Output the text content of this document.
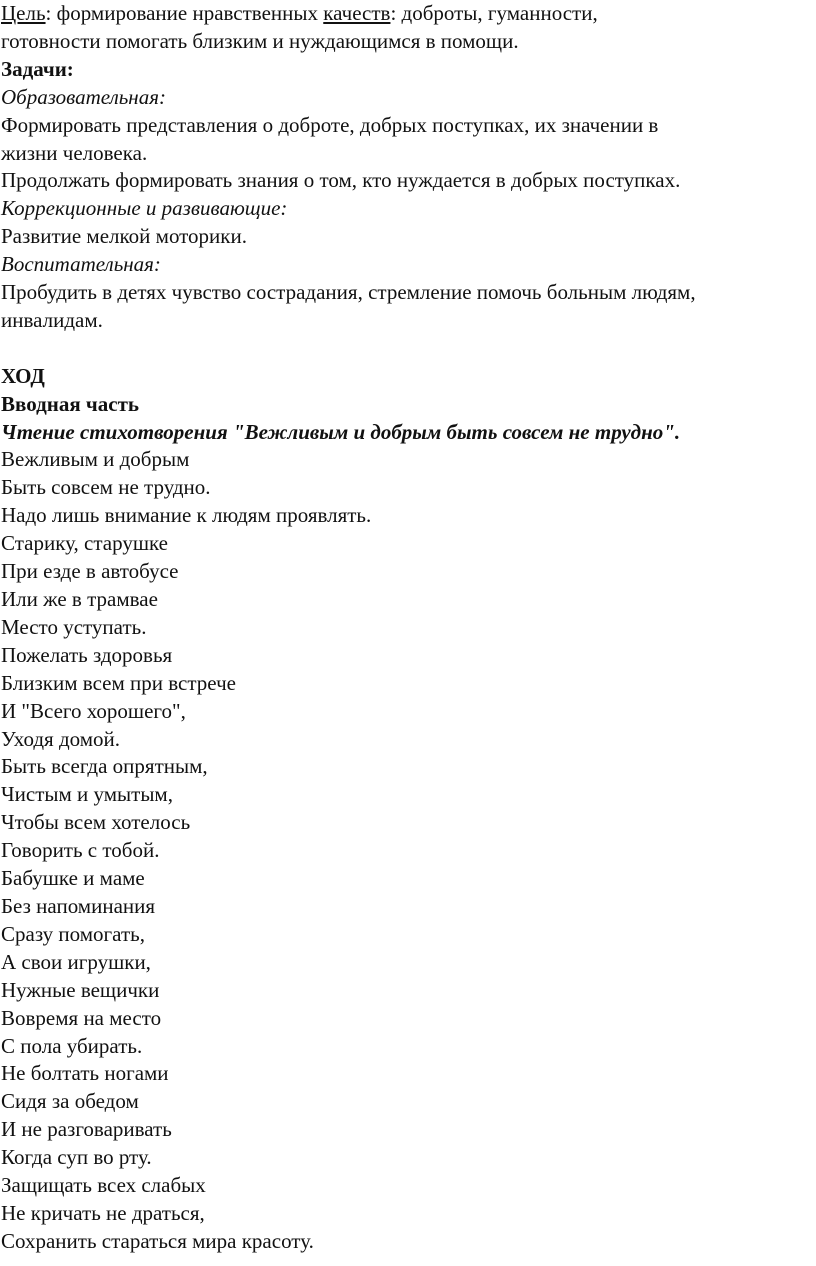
Цель: формирование нравственных качеств: доброты, гуманности,
готовности помогать близким и нуждающимся в помощи.
Задачи:
Образовательная:
Формировать представления о доброте, добрых поступках, их значении в
жизни человека.
Продолжать формировать знания о том, кто нуждается в добрых поступках.
Коррекционные и развивающие:
Развитие мелкой моторики.
Воспитательная:
Пробудить в детях чувство сострадания, стремление помочь больным людям,
инвалидам.
ХОД
Вводная часть
Чтение стихотворения "Вежливым и добрым быть совсем не трудно".
Вежливым и добрым
Быть совсем не трудно.
Надо лишь внимание к людям проявлять.
Старику, старушке
При езде в автобусе
Или же в трамвае
Место уступать.
Пожелать здоровья
Близким всем при встрече
И "Всего хорошего",
Уходя домой.
Быть всегда опрятным,
Чистым и умытым,
Чтобы всем хотелось
Говорить с тобой.
Бабушке и маме
Без напоминания
Сразу помогать,
А свои игрушки,
Нужные вещички
Вовремя на место
С пола убирать.
Не болтать ногами
Сидя за обедом
И не разговаривать
Когда суп во рту.
Защищать всех слабых
Не кричать не драться,
Сохранить стараться мира красоту.
